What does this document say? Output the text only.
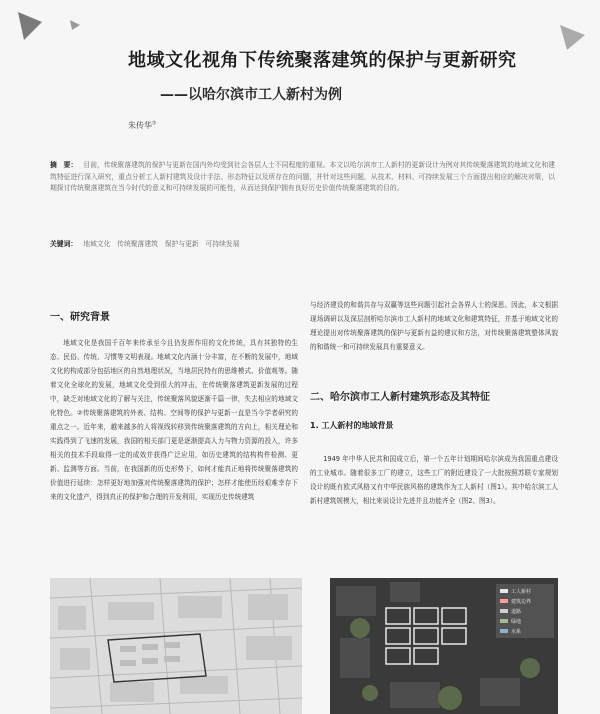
地域文化视角下传统聚落建筑的保护与更新研究
——以哈尔滨市工人新村为例
朱传华①
摘　要： 目前，传统聚落建筑的保护与更新在国内外均受到社会各层人士不同程度的重视。本文以哈尔滨市工人新村的更新设计为例对其传统聚落建筑的地域文化和建筑特征进行深入研究，重点分析工人新村建筑及设计手法、形态特征以及所存在的问题，并针对这些问题，从技术、材料、可持续发展三个方面提出相应的解决对策，以期探讨传统聚落建筑在当今时代的意义和可持续发展的可能性，从而达到保护拥有良好历史价值传统聚落建筑的目的。
关键词： 地域文化　传统聚落建筑　保护与更新　可持续发展
一、研究背景

地域文化是我国千百年来传承至今且仍发挥作用的文化传统，具有其独特的生态、民俗、传统、习惯等文明表现。地域文化内涵十分丰富，在不断的发展中，地域文化的构成部分包括地区的自然地理状况，当地居民特有的思维模式、价值观等。随着文化全球化的发展，地域文化受到很大的冲击，在传统聚落建筑更新发展的过程中，缺乏对地域文化的了解与关注，传统聚落风貌逐渐千篇一律，失去相应的地域文化特色。②传统聚落建筑的外表、结构、空间等的保护与更新一直是当今学者研究的重点之一。近年来，越来越多的人将视线转移到传统聚落建筑的方向上，相关理论和实践得到了飞速的发展，我国的相关部门更是逐渐提高人力与物力资源的投入，许多相关的技术手段取得一定的成效并获得广泛应用，如历史建筑的结构构件检测、更新、监测等方面。当前，在我国新的历史形势下，如何才能真正地将传统聚落建筑的价值进行延续：怎样更好地加强对传统聚落建筑的保护；怎样才能使历经艰难幸存下来的文化遗产，得到真正的保护和合理的开发利用，实现历史传统建筑

与经济建设的和谐共存与双赢等这些问题引起社会各界人士的深思。因此，本文根据现场调研以及深层剖析哈尔滨市工人新村的地域文化和建筑特征，并基于地域文化的理论提出对传统聚落建筑的保护与更新有益的建议和方法，对传统聚落建筑整体风貌的和谐统一和可持续发展具有重要意义。

二、哈尔滨市工人新村建筑形态及其特征
1. 工人新村的地域背景

1949 年中华人民共和国成立后，第一个五年计划期间哈尔滨成为我国重点建设的工业城市。随着很多工厂的建立，这些工厂的附近建设了一大批按照苏联专家规划设计的既有欧式风格又有中华民族风格的建筑作为工人新村（图1）。其中哈尔滨工人新村建筑规模大，相比来说设计先进并且功能齐全（图2、图3）。

工人新村
建筑边界
道路
绿地
水系
